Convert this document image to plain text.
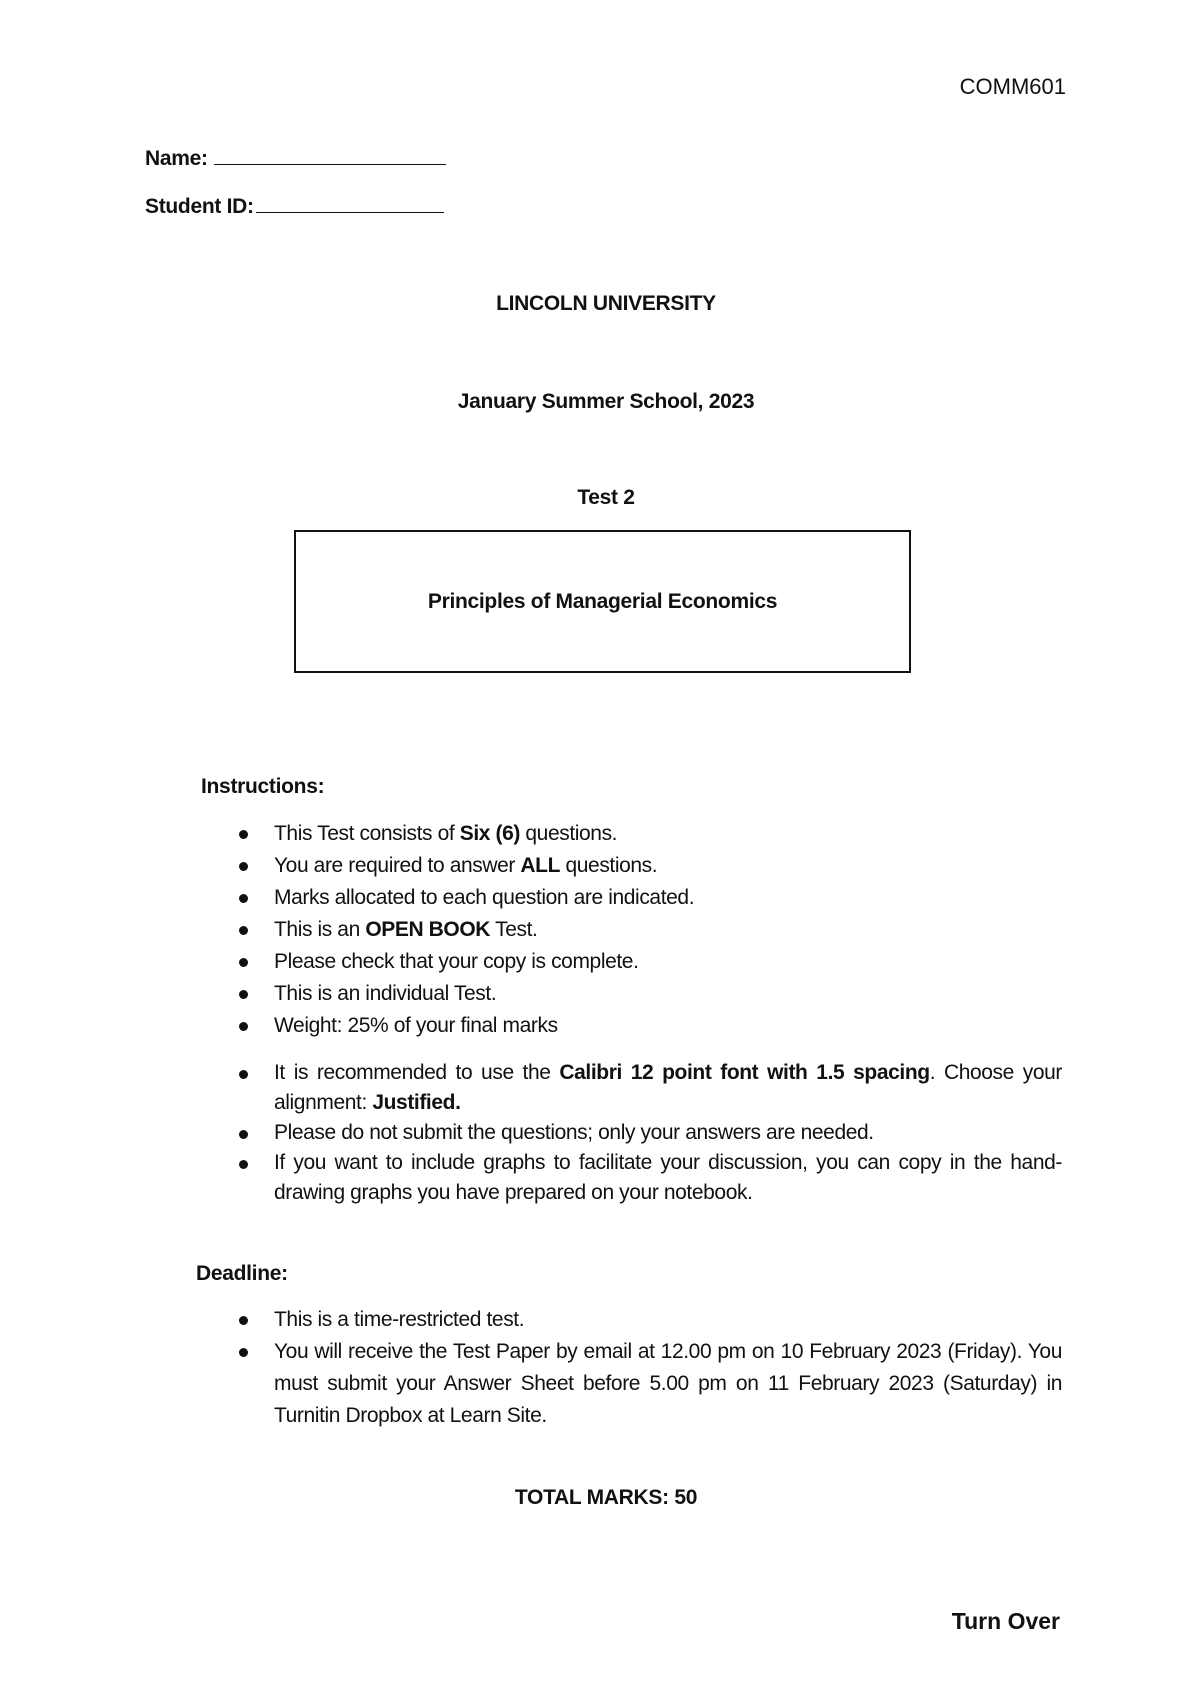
COMM601
Name:
Student ID:
LINCOLN UNIVERSITY
January Summer School, 2023
Test 2
Principles of Managerial Economics
Instructions:
This Test consists of Six (6) questions.
You are required to answer ALL questions.
Marks allocated to each question are indicated.
This is an OPEN BOOK Test.
Please check that your copy is complete.
This is an individual Test.
Weight: 25% of your final marks
It is recommended to use the Calibri 12 point font with 1.5 spacing. Choose your alignment: Justified.
Please do not submit the questions; only your answers are needed.
If you want to include graphs to facilitate your discussion, you can copy in the hand-drawing graphs you have prepared on your notebook.
Deadline:
This is a time-restricted test.
You will receive the Test Paper by email at 12.00 pm on 10 February 2023 (Friday). You must submit your Answer Sheet before 5.00 pm on 11 February 2023 (Saturday) in Turnitin Dropbox at Learn Site.
TOTAL MARKS: 50
Turn Over
